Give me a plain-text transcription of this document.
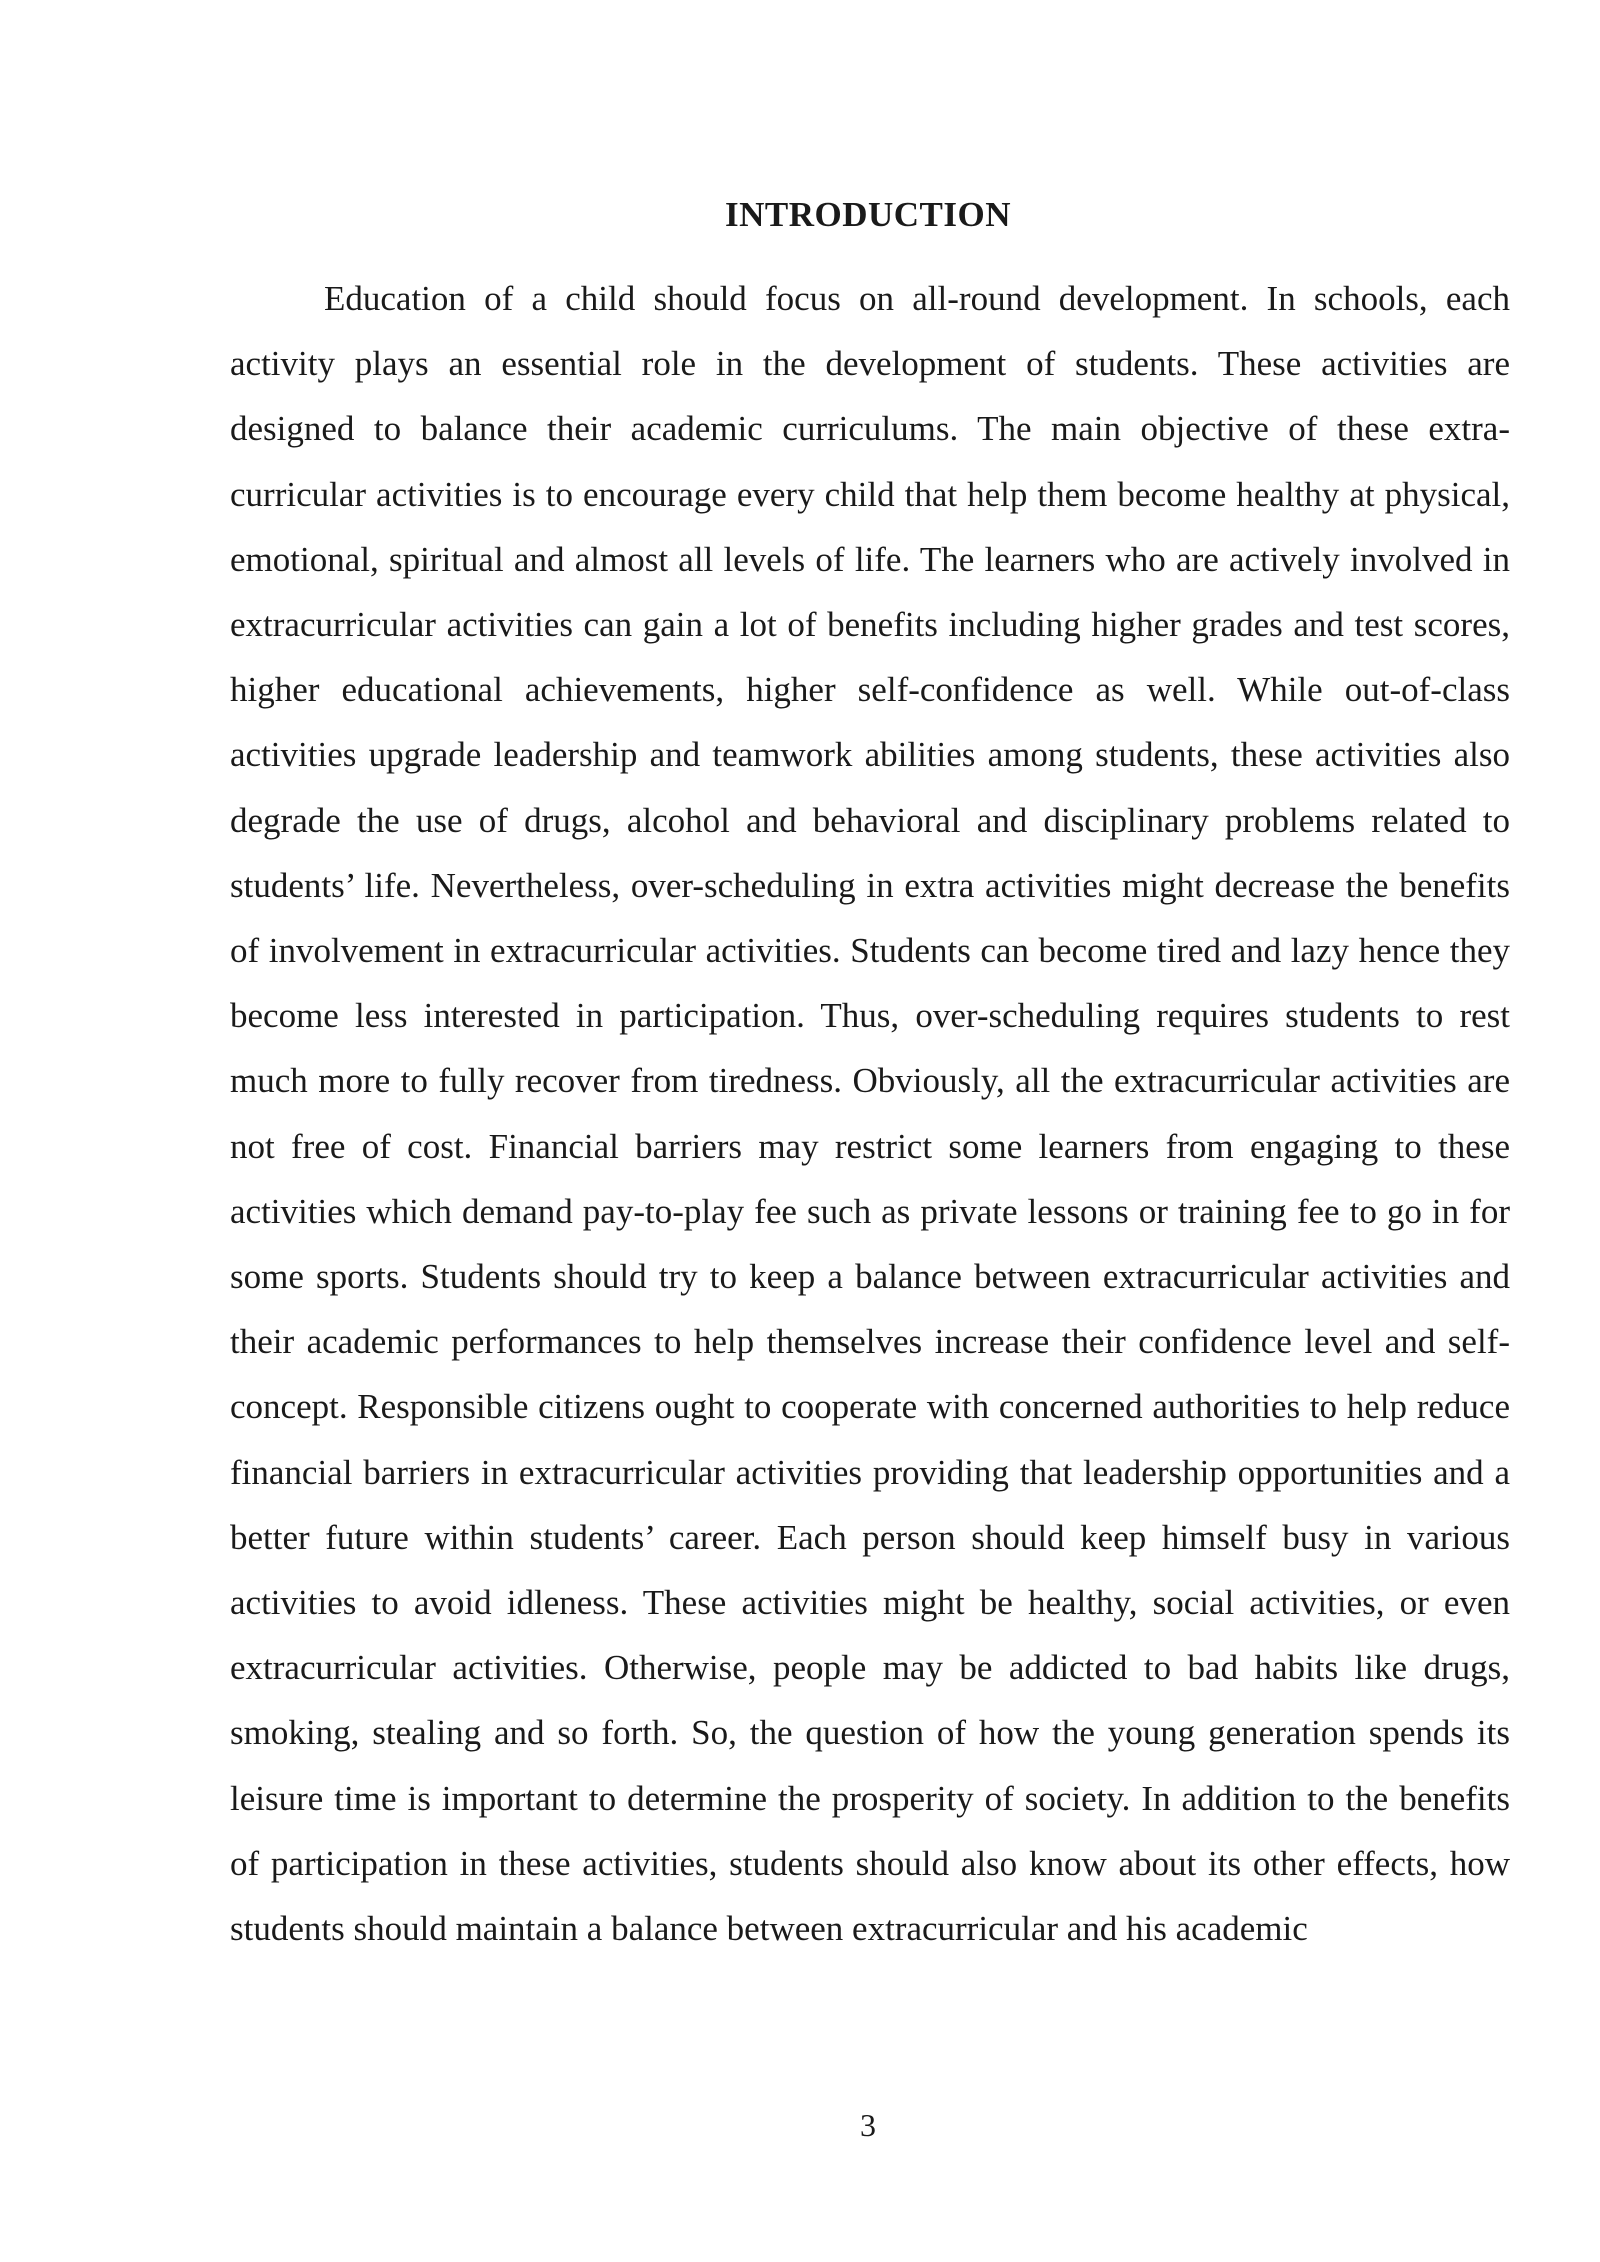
INTRODUCTION

Education of a child should focus on all-round development. In schools, each activity plays an essential role in the development of students. These activities are designed to balance their academic curriculums. The main objective of these extra-curricular activities is to encourage every child that help them become healthy at physical, emotional, spiritual and almost all levels of life. The learners who are actively involved in extracurricular activities can gain a lot of benefits including higher grades and test scores, higher educational achievements, higher self-confidence as well. While out-of-class activities upgrade leadership and teamwork abilities among students, these activities also degrade the use of drugs, alcohol and behavioral and disciplinary problems related to students’ life. Nevertheless, over-scheduling in extra activities might decrease the benefits of involvement in extracurricular activities. Students can become tired and lazy hence they become less interested in participation. Thus, over-scheduling requires students to rest much more to fully recover from tiredness. Obviously, all the extracurricular activities are not free of cost. Financial barriers may restrict some learners from engaging to these activities which demand pay-to-play fee such as private lessons or training fee to go in for some sports. Students should try to keep a balance between extracurricular activities and their academic performances to help themselves increase their confidence level and self-concept. Responsible citizens ought to cooperate with concerned authorities to help reduce financial barriers in extracurricular activities providing that leadership opportunities and a better future within students’ career. Each person should keep himself busy in various activities to avoid idleness. These activities might be healthy, social activities, or even extracurricular activities. Otherwise, people may be addicted to bad habits like drugs, smoking, stealing and so forth. So, the question of how the young generation spends its leisure time is important to determine the prosperity of society. In addition to the benefits of participation in these activities, students should also know about its other effects, how students should maintain a balance between extracurricular and his academic

3
